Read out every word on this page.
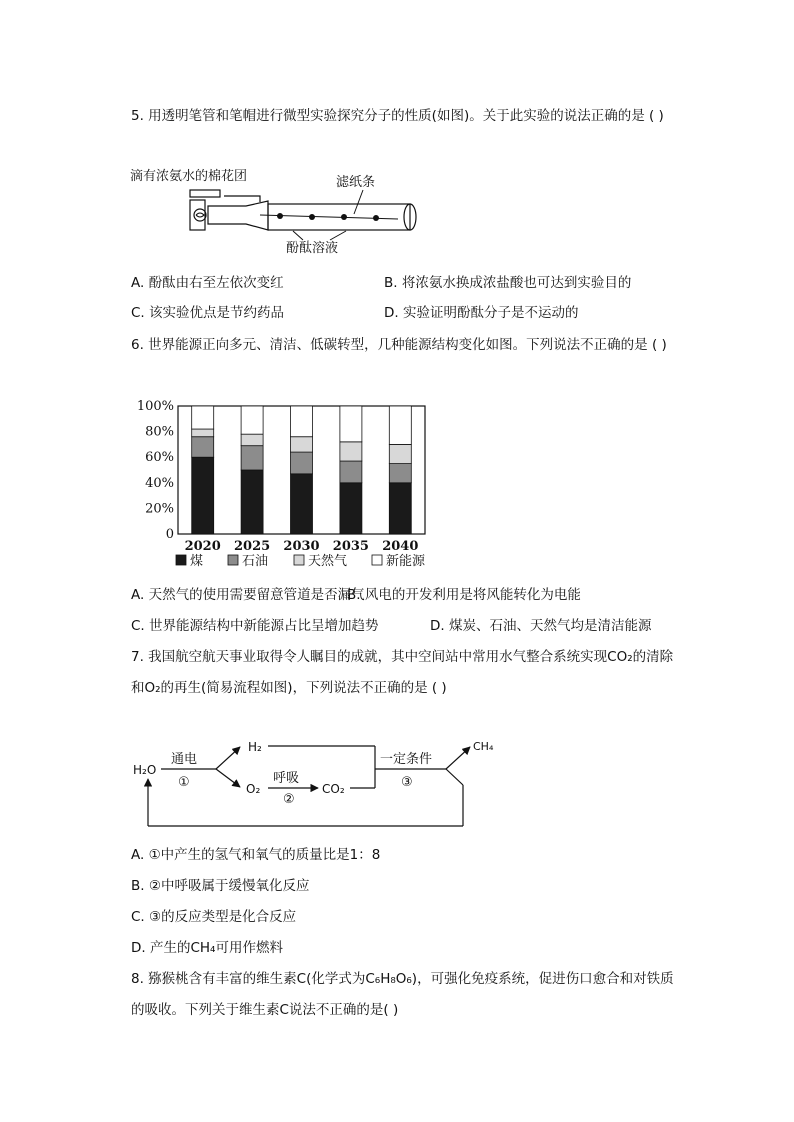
5. 用透明笔管和笔帽进行微型实验探究分子的性质(如图)。关于此实验的说法正确的是 ( )
滴有浓氨水的棉花团	滤纸条
酚酞溶液
A. 酚酞由右至左依次变红	B. 将浓氨水换成浓盐酸也可达到实验目的
C. 该实验优点是节约药品	D. 实验证明酚酞分子是不运动的
6. 世界能源正向多元、清洁、低碳转型，几种能源结构变化如图。下列说法不正确的是 ( )
0
20%
40%
60%
80%
100%
2020 2025 2030 2035 2040
煤	石油	天然气	新能源
A. 天然气的使用需要留意管道是否漏气
B. 风电的开发利用是将风能转化为电能
C. 世界能源结构中新能源占比呈增加趋势	D. 煤炭、石油、天然气均是清洁能源
7. 我国航空航天事业取得令人瞩目的成就，其中空间站中常用水气整合系统实现CO₂的清除
和O₂的再生(简易流程如图)，下列说法不正确的是 ( )
H₂O
通电
①
H₂
O₂
呼吸
②
CO₂
一定条件
③
CH₄
A. ①中产生的氢气和氧气的质量比是1：8
B. ②中呼吸属于缓慢氧化反应
C. ③的反应类型是化合反应
D. 产生的CH₄可用作燃料
8. 猕猴桃含有丰富的维生素C(化学式为C₆H₈O₆)，可强化免疫系统，促进伤口愈合和对铁质
的吸收。下列关于维生素C说法不正确的是( )
